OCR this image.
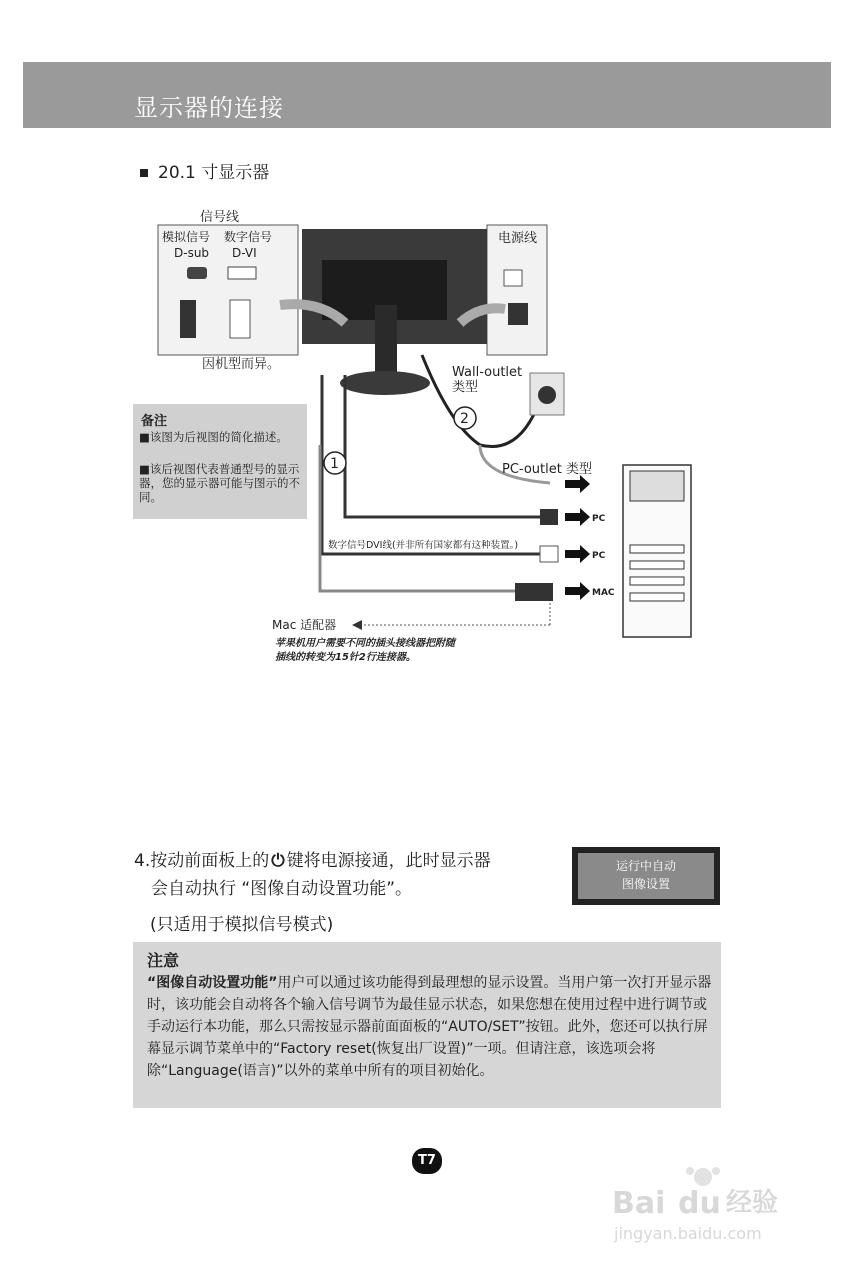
显示器的连接
20.1 寸显示器
信号线
模拟信号 数字信号
D-sub D-VI
因机型而异。
电源线
Wall-outlet
类型
PC-outlet 类型
1
2
PC
PC
MAC
数字信号DVI线(并非所有国家都有这种装置。)
Mac 适配器
苹果机用户需要不同的插头接线器把附随
插线的转变为15针2行连接器。
备注
■该图为后视图的简化描述。
■该后视图代表普通型号的显示器，您的显示器可能与图示的不同。
4.按动前面板上的 ⏻ 键将电源接通，此时显示器
会自动执行 “图像自动设置功能”。
运行中自动
图像设置
(只适用于模拟信号模式)
注意
“图像自动设置功能”用户可以通过该功能得到最理想的显示设置。当用户第一次打开显示器时，该功能会自动将各个输入信号调节为最佳显示状态，如果您想在使用过程中进行调节或手动运行本功能，那么只需按显示器前面面板的“AUTO/SET”按钮。此外，您还可以执行屏幕显示调节菜单中的“Factory reset(恢复出厂设置)”一项。但请注意，该选项会将除“Language(语言)”以外的菜单中所有的项目初始化。
T7
Bai du 经验
jingyan.baidu.com
